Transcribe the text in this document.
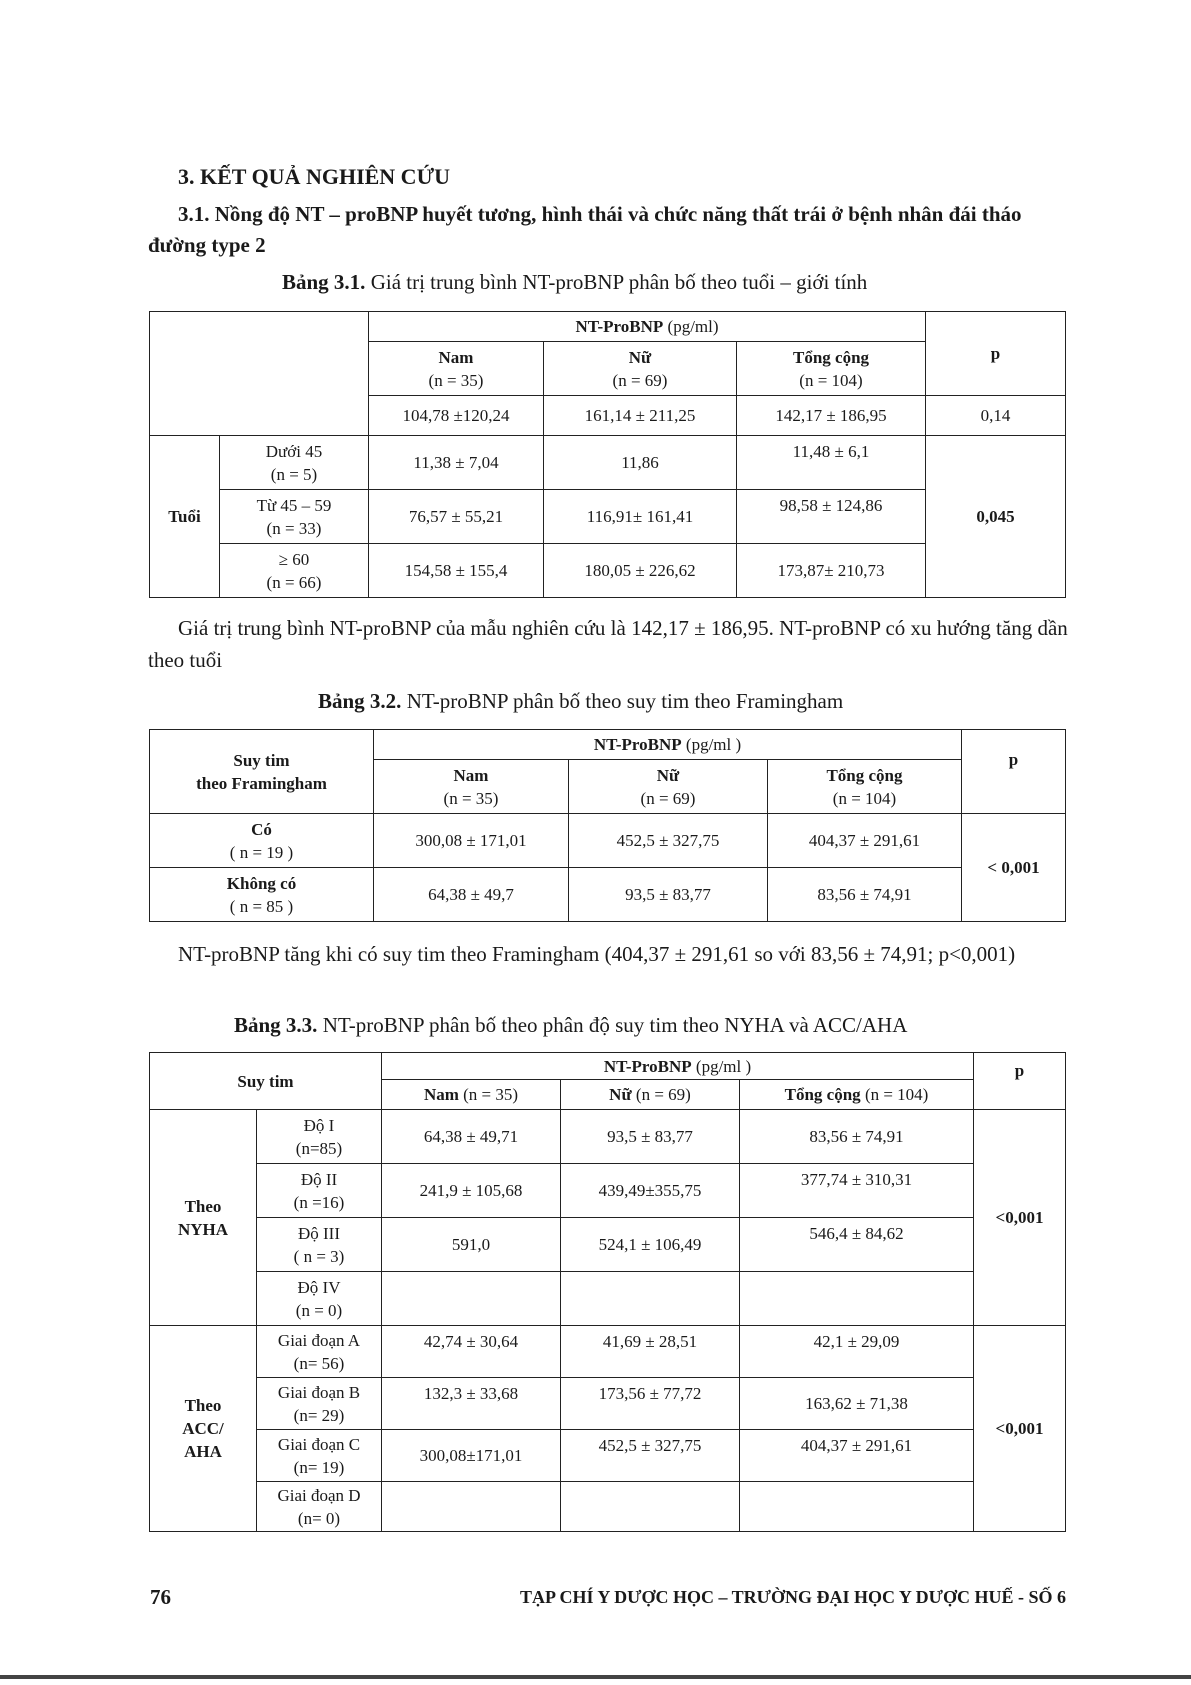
3. KẾT QUẢ NGHIÊN CỨU
3.1. Nồng độ NT – proBNP huyết tương, hình thái và chức năng thất trái ở bệnh nhân đái tháo đường type 2
Bảng 3.1. Giá trị trung bình NT-proBNP phân bố theo tuổi – giới tính
		NT-ProBNP (pg/ml)			p
		Nam
(n = 35)	Nữ
(n = 69)	Tổng cộng
(n = 104)	
		104,78 ±120,24	161,14 ± 211,25	142,17 ± 186,95	0,14
Tuổi	Dưới 45
(n = 5)	11,38 ± 7,04	11,86	11,48 ± 6,1	0,045
	Từ 45 – 59
(n = 33)	76,57 ± 55,21	116,91± 161,41	98,58 ± 124,86	
	≥ 60
(n = 66)	154,58 ± 155,4	180,05 ± 226,62	173,87± 210,73	
Giá trị trung bình NT-proBNP của mẫu nghiên cứu là 142,17 ± 186,95. NT-proBNP có xu hướng tăng dần theo tuổi
Bảng 3.2. NT-proBNP phân bố theo suy tim theo Framingham
Suy tim
theo Framingham	NT-ProBNP (pg/ml )			p
	Nam
(n = 35)	Nữ
(n = 69)	Tổng cộng
(n = 104)	
Có
( n = 19 )	300,08 ± 171,01	452,5 ± 327,75	404,37 ± 291,61	< 0,001
Không có
( n = 85 )	64,38 ± 49,7	93,5 ± 83,77	83,56 ± 74,91	
NT-proBNP tăng khi có suy tim theo Framingham (404,37 ± 291,61 so với 83,56 ± 74,91; p<0,001)
Bảng 3.3. NT-proBNP phân bố theo phân độ suy tim theo NYHA và ACC/AHA
Suy tim		NT-ProBNP (pg/ml )			p
		Nam (n = 35)	Nữ (n = 69)	Tổng cộng (n = 104)	
Theo
NYHA	Độ I
(n=85)	64,38 ± 49,71	93,5 ± 83,77	83,56 ± 74,91	<0,001
	Độ II
(n =16)	241,9 ± 105,68	439,49±355,75	377,74 ± 310,31	
	Độ III
( n = 3)	591,0	524,1 ± 106,49	546,4 ± 84,62	
	Độ IV
(n = 0)				
Theo
ACC/
AHA	Giai đoạn A
(n= 56)	42,74 ± 30,64	41,69 ± 28,51	42,1 ± 29,09	<0,001
	Giai đoạn B
(n= 29)	132,3 ± 33,68	173,56 ± 77,72	163,62 ± 71,38	
	Giai đoạn C
(n= 19)	300,08±171,01	452,5 ± 327,75	404,37 ± 291,61	
	Giai đoạn D
(n= 0)				
76	TẠP CHÍ Y DƯỢC HỌC – TRƯỜNG ĐẠI HỌC Y DƯỢC HUẾ - SỐ 6
